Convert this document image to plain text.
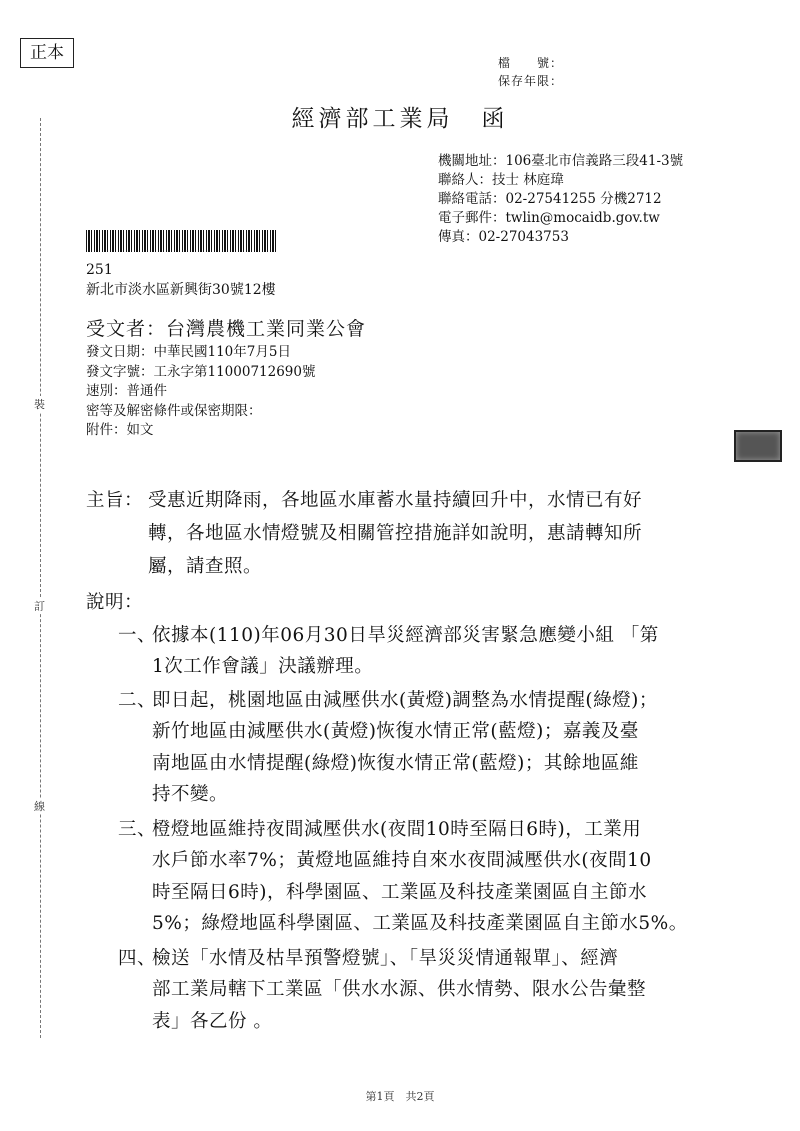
正本	檔　　號：
保存年限：
經濟部工業局 函
機關地址：106臺北市信義路三段41-3號
聯絡人：技士 林庭瑋
聯絡電話：02-27541255 分機2712
電子郵件：twlin@mocaidb.gov.tw
傳真：02-27043753
251
新北市淡水區新興街30號12樓
受文者：台灣農機工業同業公會
發文日期：中華民國110年7月5日
發文字號：工永字第11000712690號
速別：普通件
密等及解密條件或保密期限：
附件：如文
裝
訂
線
主旨： 受惠近期降雨，各地區水庫蓄水量持續回升中，水情已有好
轉，各地區水情燈號及相關管控措施詳如說明，惠請轉知所
屬，請查照。
說明：
一、
依據本(110)年06月30日旱災經濟部災害緊急應變小組 「第
1次工作會議」決議辦理。
二、
即日起，桃園地區由減壓供水(黃燈)調整為水情提醒(綠燈)；
新竹地區由減壓供水(黃燈)恢復水情正常(藍燈)；嘉義及臺
南地區由水情提醒(綠燈)恢復水情正常(藍燈)；其餘地區維
持不變。
三、
橙燈地區維持夜間減壓供水(夜間10時至隔日6時)，工業用
水戶節水率7%；黃燈地區維持自來水夜間減壓供水(夜間10
時至隔日6時)，科學園區、工業區及科技產業園區自主節水
5%；綠燈地區科學園區、工業區及科技產業園區自主節水5%。
四、
檢送「水情及枯旱預警燈號」、「旱災災情通報單」、經濟
部工業局轄下工業區「供水水源、供水情勢、限水公告彙整
表」各乙份 。
第1頁　共2頁
